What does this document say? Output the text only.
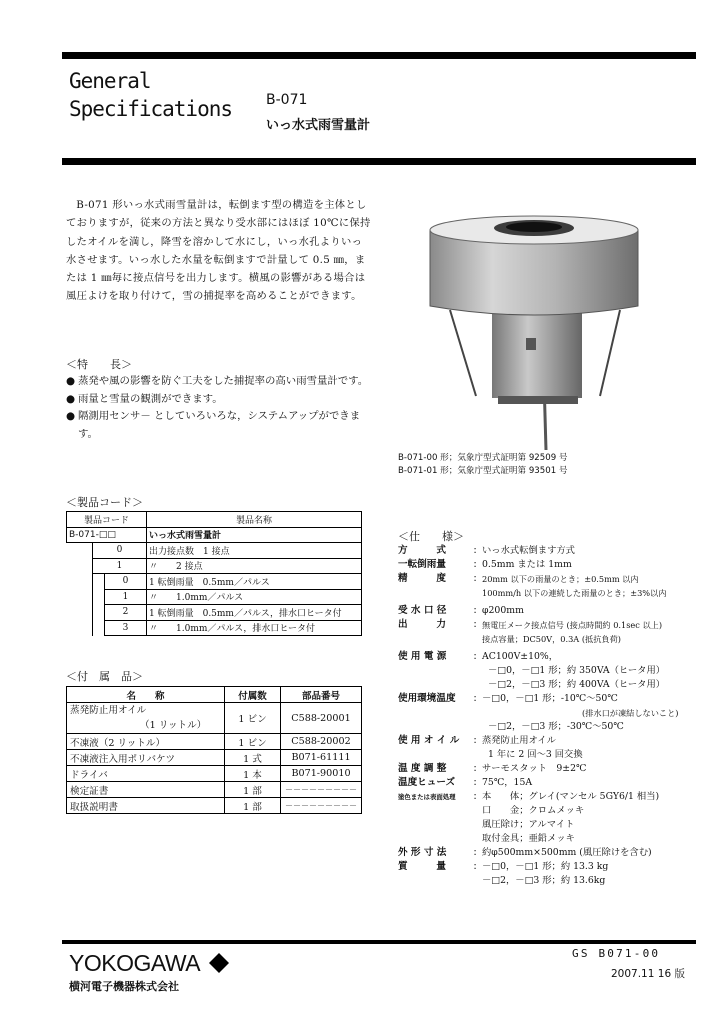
General
Specifications B-071
いっ水式雨雪量計
B-071 形いっ水式雨雪量計は，転倒ます型の構造を主体としておりますが，従来の方法と異なり受水部にはほぼ 10℃に保持したオイルを満し，降雪を溶かして水にし，いっ水孔よりいっ水させます。いっ水した水量を転倒ますで計量して 0.5 ㎜，または 1 ㎜毎に接点信号を出力します。横風の影響がある場合は風圧よけを取り付けて，雪の捕捉率を高めることができます。
＜特　　長＞
● 蒸発や風の影響を防ぐ工夫をした捕捉率の高い雨雪量計です。
● 雨量と雪量の観測ができます。
● 隔測用センサ－ としていろいろな，システムアップができます。
B-071-00 形；気象庁型式証明第 92509 号
B-071-01 形；気象庁型式証明第 93501 号
＜製品コード＞
製品コード			製品名称
B-071-□□			いっ水式雨雪量計
	0		出力接点数　1 接点
	1		〃　　2 接点
		0	1 転倒雨量　0.5mm／パルス
		1	〃　　1.0mm／パルス
		2	1 転倒雨量　0.5mm／パルス，排水口ヒータ付
		3	〃　　1.0mm／パルス，排水口ヒータ付
＜付　属　品＞
名　　称	付属数	部品番号

蒸発防止用オイル
（1 リットル）	1 ビン	C588-20001
不凍液（2 リットル）	1 ビン	C588-20002
不凍液注入用ポリバケツ	1 式	B071-61111
ドライバ	1 本	B071-90010
検定証書	1 部	－－－－－－－－－
取扱説明書	1 部	－－－－－－－－－
＜仕　　様＞
方　　　式	: いっ水式転倒ます方式
一転倒雨量	: 0.5mm または 1mm
精　　　度	: 20mm 以下の雨量のとき；±0.5mm 以内
100mm/h 以下の連続した雨量のとき；±3%以内
受 水 口 径	: φ200mm
出　　　力	: 無電圧メーク接点信号 (接点時間約 0.1sec 以上)
接点容量；DC50V，0.3A (抵抗負荷)
使 用 電 源	: AC100V±10%，
－□0，－□1 形；約 350VA（ヒータ用）
－□2，－□3 形；約 400VA（ヒータ用）
使用環境温度	: －□0，－□1 形；-10℃～50℃
(排水口が凍結しないこと)
－□2，－□3 形；-30℃～50℃
使 用 オ イ ル	: 蒸発防止用オイル
1 年に 2 回～3 回交換
温 度 調 整	: サーモスタット　9±2℃
温度ヒューズ	: 75℃，15A
塗色または表面処理	: 本　　体；グレイ(マンセル 5GY6/1 相当)
口　　金；クロムメッキ
風圧除け；アルマイト
取付金具；亜鉛メッキ
外 形 寸 法	: 約φ500mm×500mm (風圧除けを含む)
質　　　量	: －□0，－□1 形；約 13.3 kg
－□2，－□3 形；約 13.6kg
YOKOGAWA
横河電子機器株式会社
GS B071-00
2007.11 16 版
